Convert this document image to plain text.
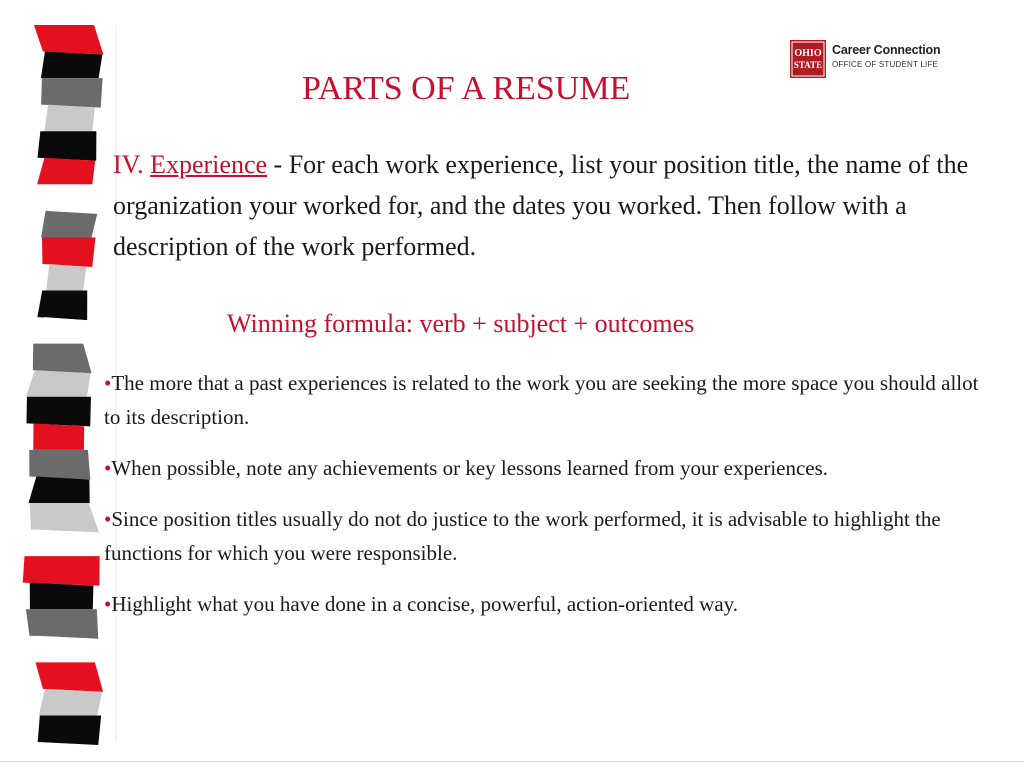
OHIO
STATE
Career Connection
OFFICE OF STUDENT LIFE
PARTS OF A RESUME

IV. Experience - For each work experience, list your position title, the name of the organization your worked for, and the dates you worked. Then follow with a description of the work performed.

Winning formula: verb + subject + outcomes

•The more that a past experiences is related to the work you are seeking the more space you should allot to its description.
•When possible, note any achievements or key lessons learned from your experiences.
•Since position titles usually do not do justice to the work performed, it is advisable to highlight the functions for which you were responsible.
•Highlight what you have done in a concise, powerful, action-oriented way.
